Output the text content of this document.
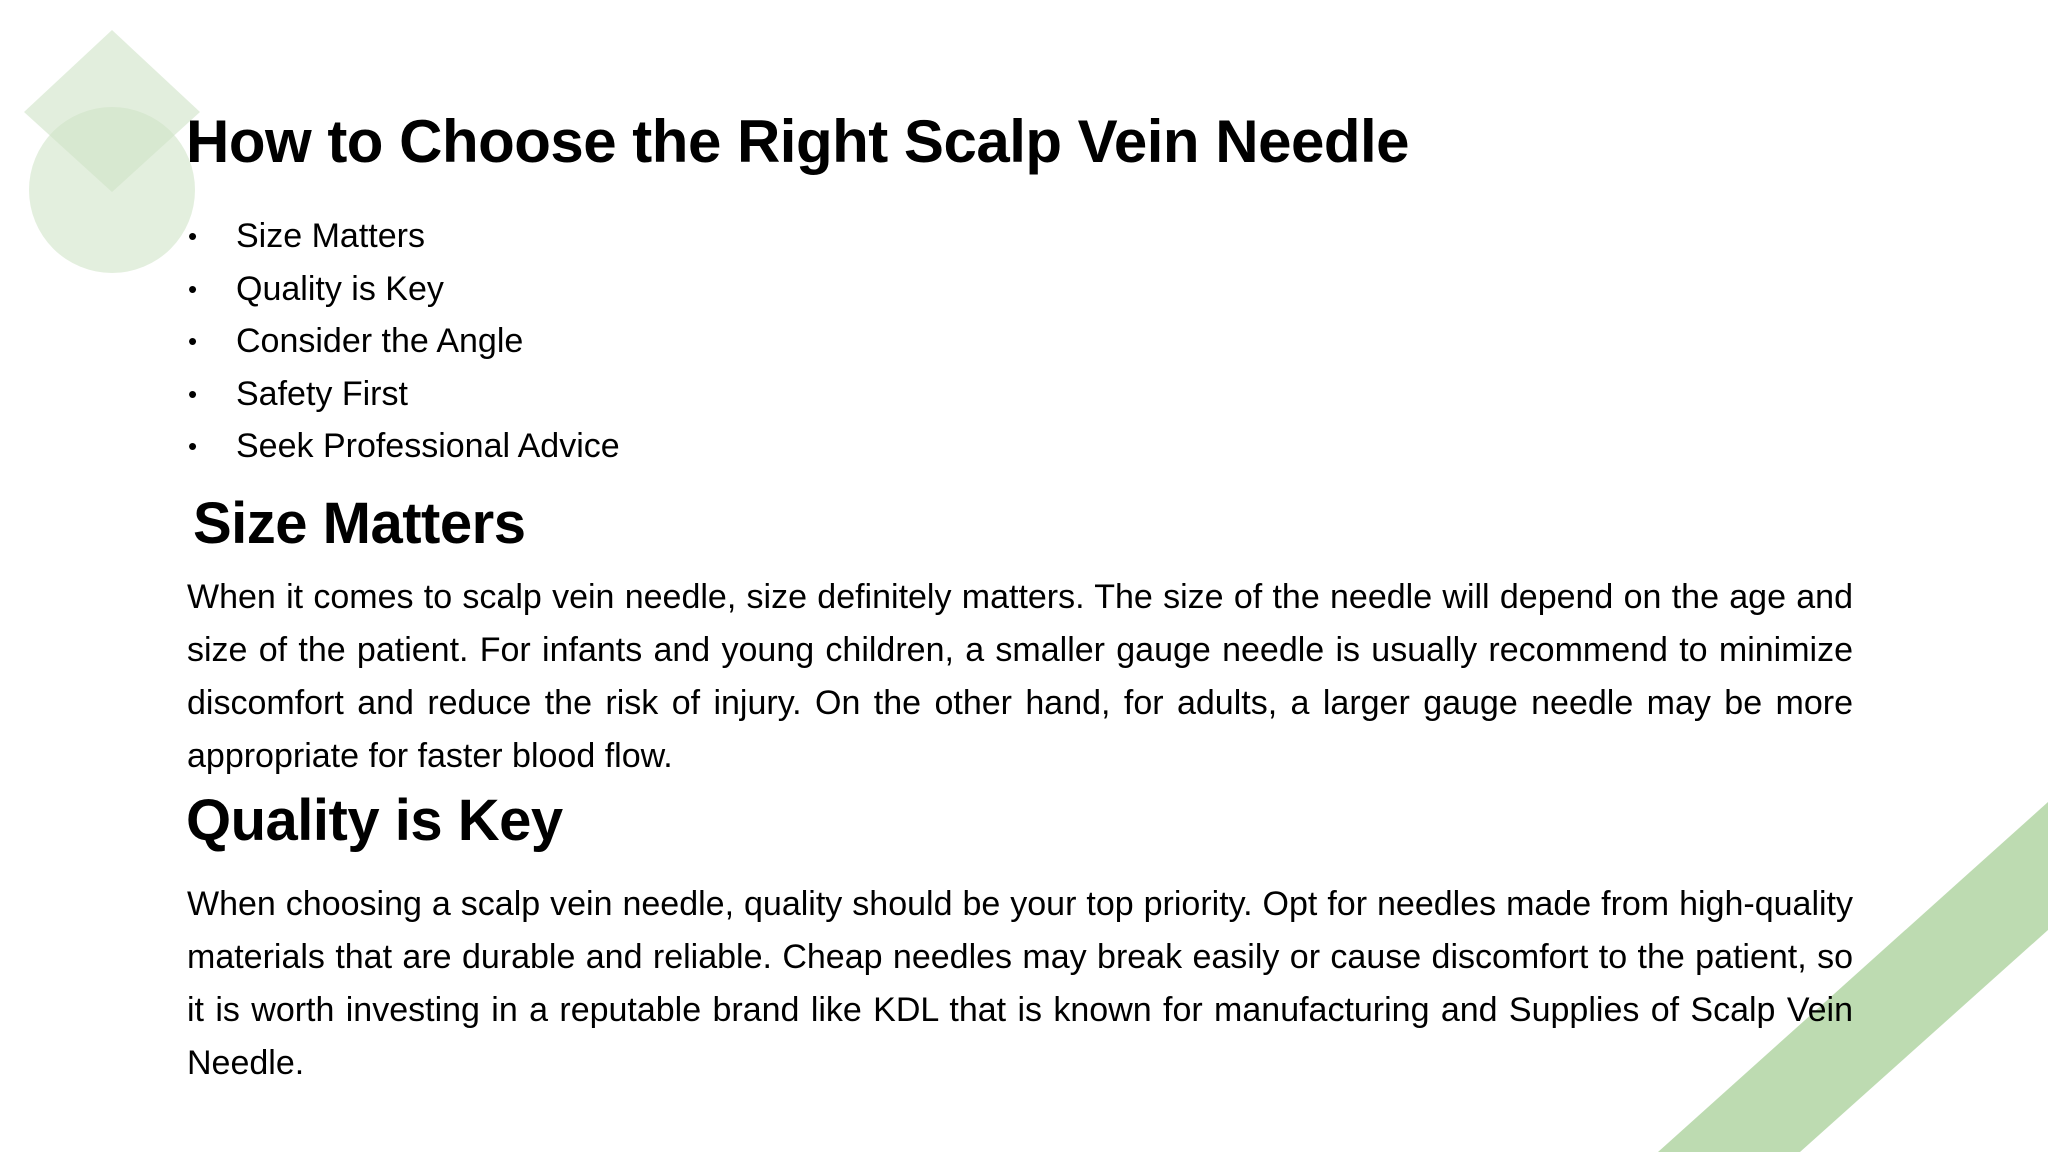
How to Choose the Right Scalp Vein Needle
• Size Matters
• Quality is Key
• Consider the Angle
• Safety First
• Seek Professional Advice
Size Matters

When it comes to scalp vein needle, size definitely matters. The size of the needle will depend on the age and size of the patient. For infants and young children, a smaller gauge needle is usually recommend to minimize discomfort and reduce the risk of injury. On the other hand, for adults, a larger gauge needle may be more appropriate for faster blood flow.

Quality is Key

When choosing a scalp vein needle, quality should be your top priority. Opt for needles made from high-quality materials that are durable and reliable. Cheap needles may break easily or cause discomfort to the patient, so it is worth investing in a reputable brand like KDL that is known for manufacturing and Supplies of Scalp Vein Needle.
